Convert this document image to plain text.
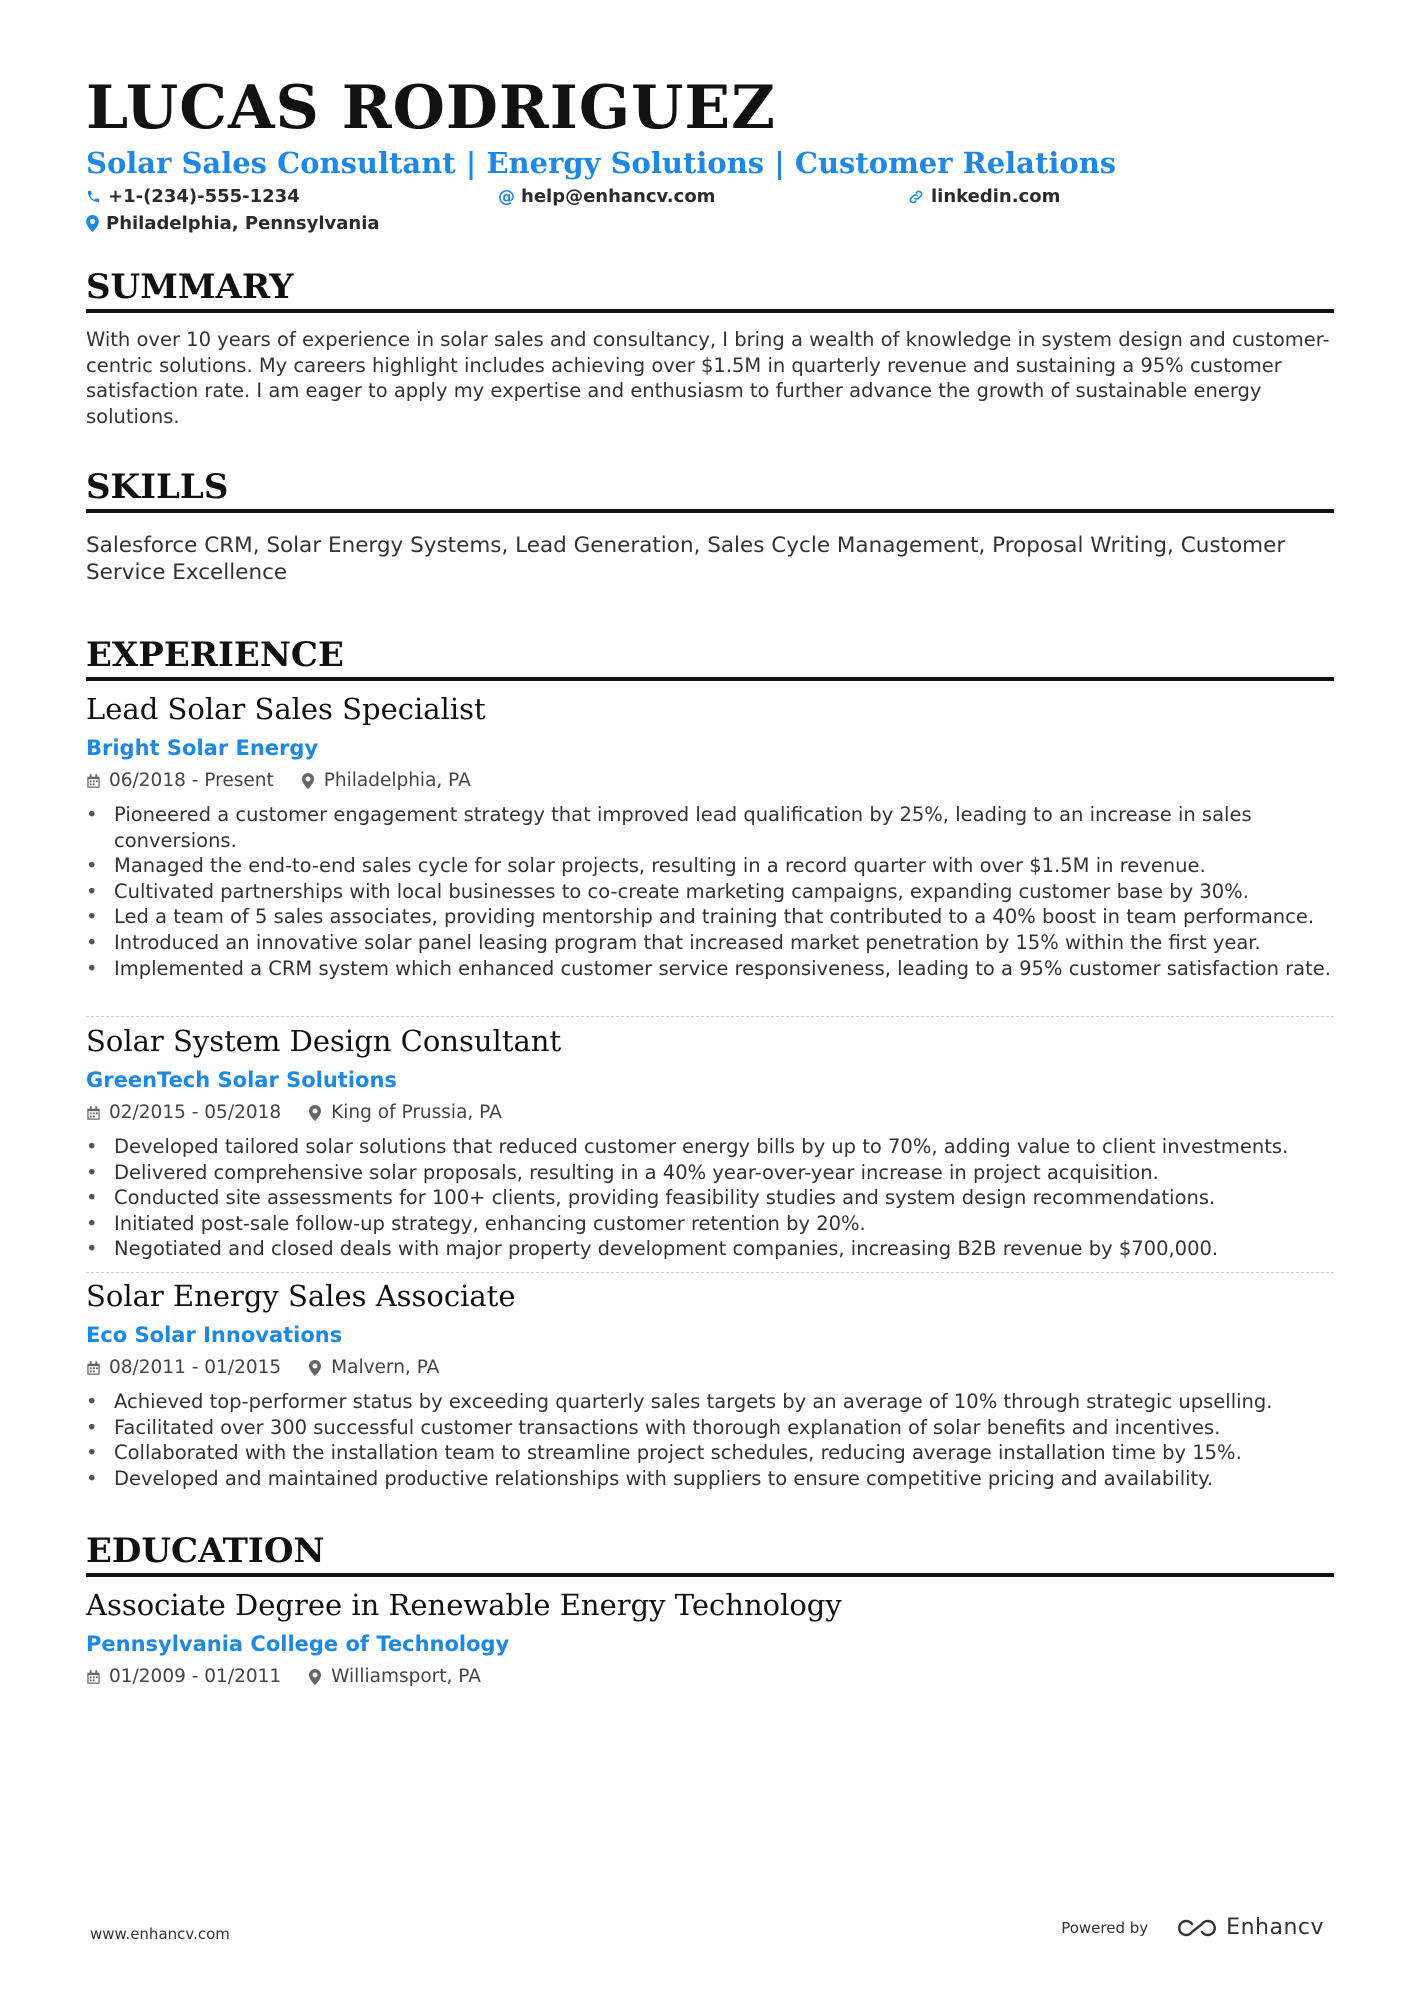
LUCAS RODRIGUEZ
Solar Sales Consultant | Energy Solutions | Customer Relations
+1-(234)-555-1234	@ help@enhancv.com	linkedin.com
Philadelphia, Pennsylvania
SUMMARY
With over 10 years of experience in solar sales and consultancy, I bring a wealth of knowledge in system design and customer-centric solutions. My careers highlight includes achieving over $1.5M in quarterly revenue and sustaining a 95% customer satisfaction rate. I am eager to apply my expertise and enthusiasm to further advance the growth of sustainable energy solutions.
SKILLS
Salesforce CRM, Solar Energy Systems, Lead Generation, Sales Cycle Management, Proposal Writing, Customer Service Excellence
EXPERIENCE
Lead Solar Sales Specialist
Bright Solar Energy
06/2018 - Present	Philadelphia, PA
• Pioneered a customer engagement strategy that improved lead qualification by 25%, leading to an increase in sales conversions.
• Managed the end-to-end sales cycle for solar projects, resulting in a record quarter with over $1.5M in revenue.
• Cultivated partnerships with local businesses to co-create marketing campaigns, expanding customer base by 30%.
• Led a team of 5 sales associates, providing mentorship and training that contributed to a 40% boost in team performance.
• Introduced an innovative solar panel leasing program that increased market penetration by 15% within the first year.
• Implemented a CRM system which enhanced customer service responsiveness, leading to a 95% customer satisfaction rate.
Solar System Design Consultant
GreenTech Solar Solutions
02/2015 - 05/2018	King of Prussia, PA
• Developed tailored solar solutions that reduced customer energy bills by up to 70%, adding value to client investments.
• Delivered comprehensive solar proposals, resulting in a 40% year-over-year increase in project acquisition.
• Conducted site assessments for 100+ clients, providing feasibility studies and system design recommendations.
• Initiated post-sale follow-up strategy, enhancing customer retention by 20%.
• Negotiated and closed deals with major property development companies, increasing B2B revenue by $700,000.
Solar Energy Sales Associate
Eco Solar Innovations
08/2011 - 01/2015	Malvern, PA
• Achieved top-performer status by exceeding quarterly sales targets by an average of 10% through strategic upselling.
• Facilitated over 300 successful customer transactions with thorough explanation of solar benefits and incentives.
• Collaborated with the installation team to streamline project schedules, reducing average installation time by 15%.
• Developed and maintained productive relationships with suppliers to ensure competitive pricing and availability.
EDUCATION
Associate Degree in Renewable Energy Technology
Pennsylvania College of Technology
01/2009 - 01/2011	Williamsport, PA
www.enhancv.com	Powered by	Enhancv
